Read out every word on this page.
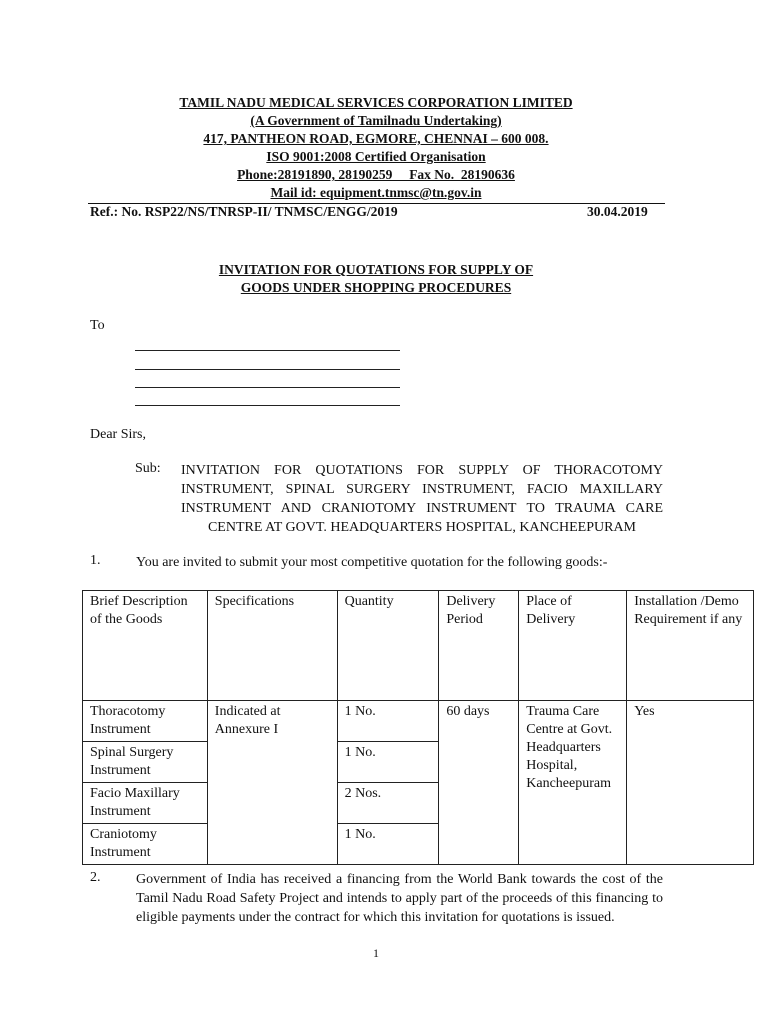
TAMIL NADU MEDICAL SERVICES CORPORATION LIMITED
(A Government of Tamilnadu Undertaking)
417, PANTHEON ROAD, EGMORE, CHENNAI – 600 008.
ISO 9001:2008 Certified Organisation
Phone:28191890, 28190259     Fax No.  28190636
Mail id: equipment.tnmsc@tn.gov.in
Ref.: No. RSP22/NS/TNRSP-II/ TNMSC/ENGG/2019	30.04.2019
INVITATION FOR QUOTATIONS FOR SUPPLY OF
GOODS UNDER SHOPPING PROCEDURES
To
Dear Sirs,
Sub: INVITATION FOR QUOTATIONS FOR SUPPLY OF THORACOTOMY
INSTRUMENT, SPINAL SURGERY INSTRUMENT, FACIO MAXILLARY
INSTRUMENT AND CRANIOTOMY INSTRUMENT TO TRAUMA CARE
CENTRE AT GOVT. HEADQUARTERS HOSPITAL, KANCHEEPURAM
1.	You are invited to submit your most competitive quotation for the following goods:-
Brief Description of the Goods	Specifications	Quantity	Delivery Period	Place of Delivery	Installation /Demo Requirement if any
Thoracotomy Instrument	Indicated at Annexure I	1 No.	60 days	Trauma Care Centre at Govt. Headquarters Hospital, Kancheepuram	Yes
Spinal Surgery Instrument		1 No.			
Facio Maxillary Instrument		2 Nos.			
Craniotomy Instrument		1 No.			
2.	Government of India has received a financing from the World Bank towards the cost of the Tamil Nadu Road Safety Project and intends to apply part of the proceeds of this financing to eligible payments under the contract for which this invitation for quotations is issued.
1
